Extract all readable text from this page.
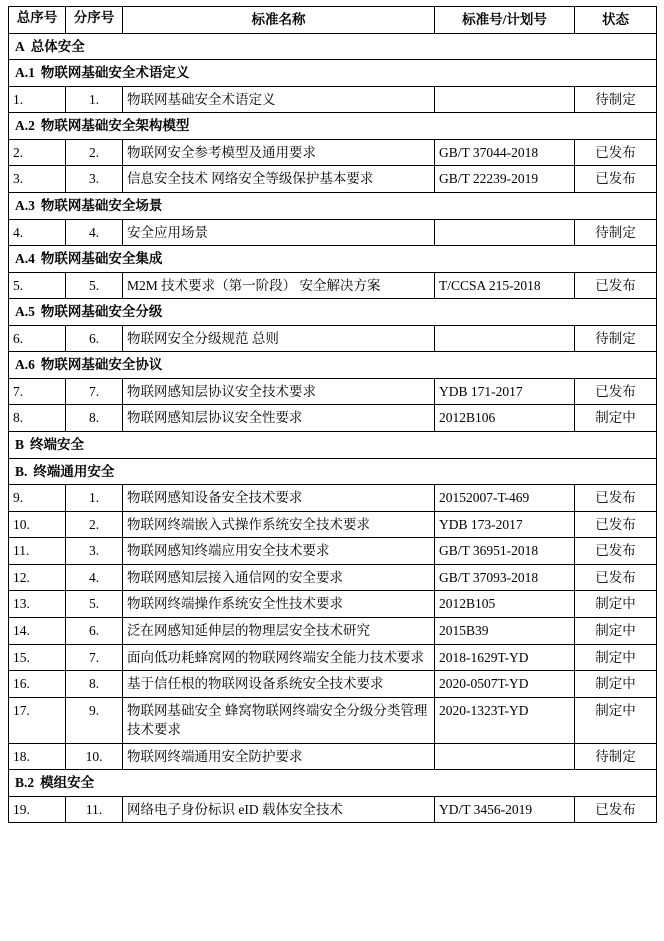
总序号	分序号	标准名称	标准号/计划号	状态
A 总体安全				
A.1 物联网基础安全术语定义				
1.	1.	物联网基础安全术语定义		待制定
A.2 物联网基础安全架构模型				
2.	2.	物联网安全参考模型及通用要求	GB/T 37044-2018	已发布
3.	3.	信息安全技术 网络安全等级保护基本要求	GB/T 22239-2019	已发布
A.3 物联网基础安全场景				
4.	4.	安全应用场景		待制定
A.4 物联网基础安全集成				
5.	5.	M2M 技术要求（第一阶段） 安全解决方案	T/CCSA 215-2018	已发布
A.5 物联网基础安全分级				
6.	6.	物联网安全分级规范 总则		待制定
A.6 物联网基础安全协议				
7.	7.	物联网感知层协议安全技术要求	YDB 171-2017	已发布
8.	8.	物联网感知层协议安全性要求	2012B106	制定中
B 终端安全				
B. 终端通用安全				
9.	1.	物联网感知设备安全技术要求	20152007-T-469	已发布
10.	2.	物联网终端嵌入式操作系统安全技术要求	YDB 173-2017	已发布
11.	3.	物联网感知终端应用安全技术要求	GB/T 36951-2018	已发布
12.	4.	物联网感知层接入通信网的安全要求	GB/T 37093-2018	已发布
13.	5.	物联网终端操作系统安全性技术要求	2012B105	制定中
14.	6.	泛在网感知延伸层的物理层安全技术研究	2015B39	制定中
15.	7.	面向低功耗蜂窝网的物联网终端安全能力技术要求	2018-1629T-YD	制定中
16.	8.	基于信任根的物联网设备系统安全技术要求	2020-0507T-YD	制定中
17.	9.	物联网基础安全 蜂窝物联网终端安全分级分类管理技术要求	2020-1323T-YD	制定中
18.	10.	物联网终端通用安全防护要求		待制定
B.2 模组安全				
19.	11.	网络电子身份标识 eID 载体安全技术	YD/T 3456-2019	已发布
